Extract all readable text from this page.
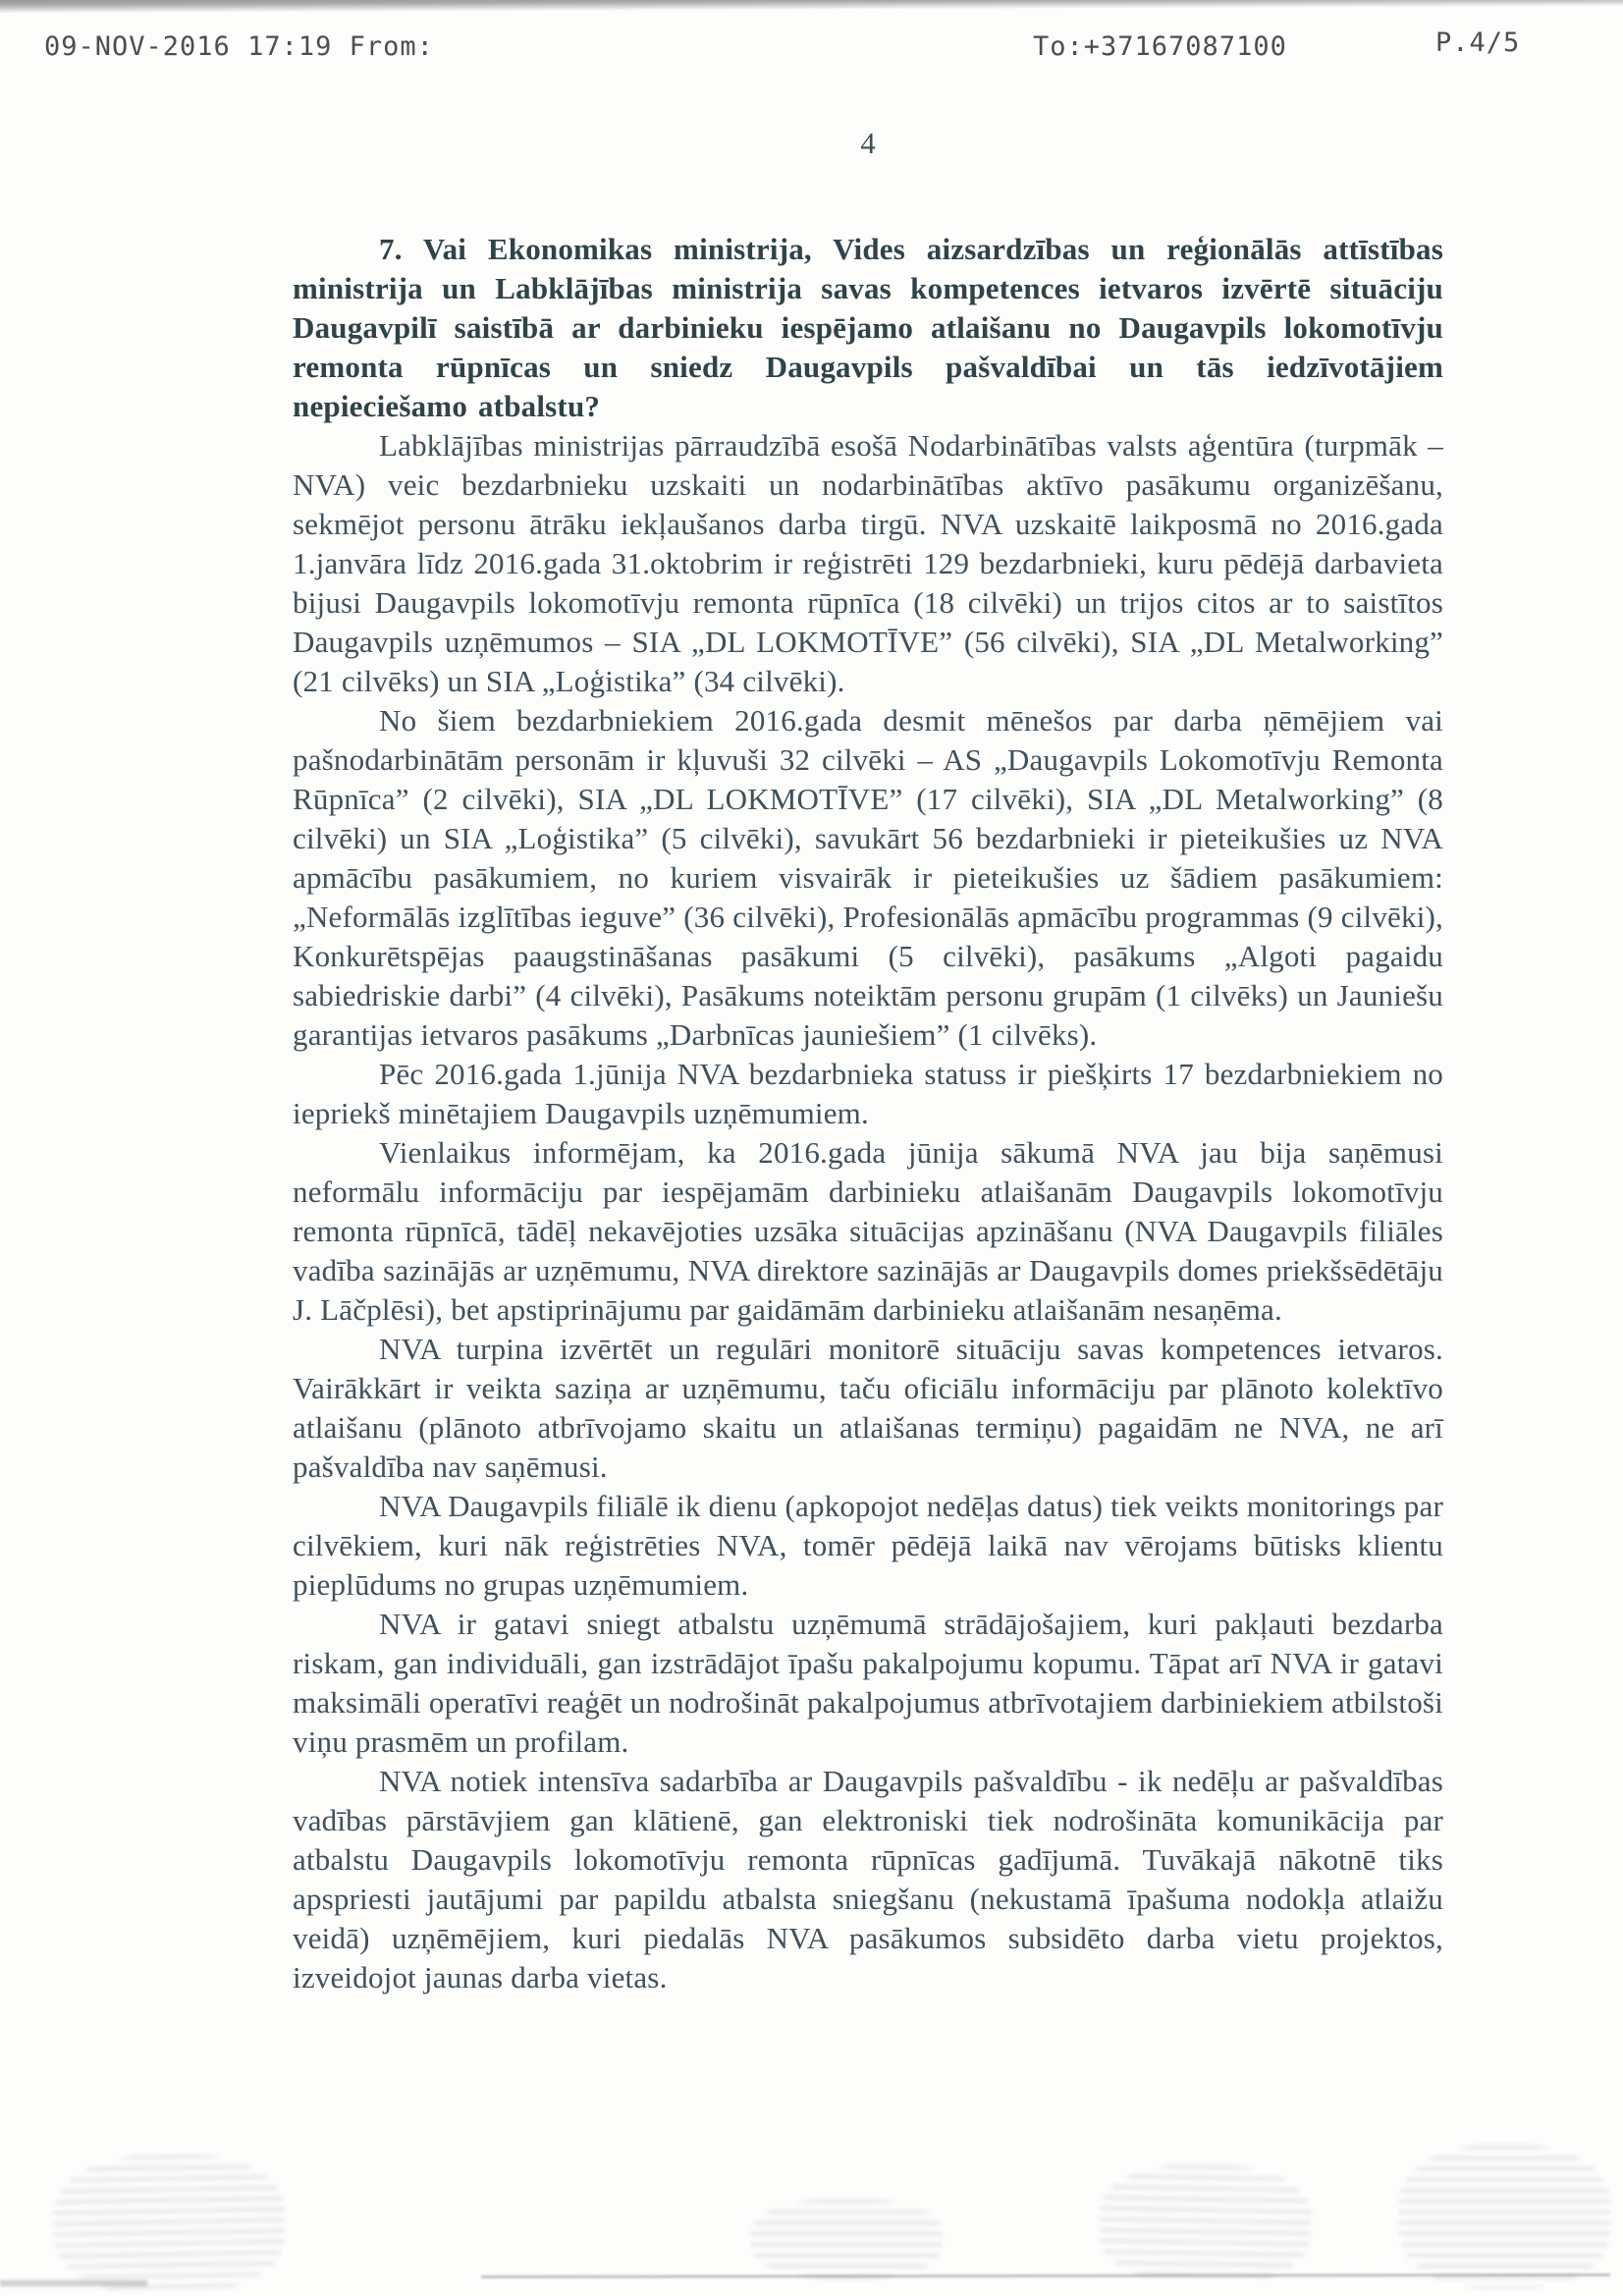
09-NOV-2016 17:19 From:	To:+37167087100	P.4/5
4

7. Vai Ekonomikas ministrija, Vides aizsardzības un reģionālās attīstības ministrija un Labklājības ministrija savas kompetences ietvaros izvērtē situāciju Daugavpilī saistībā ar darbinieku iespējamo atlaišanu no Daugavpils lokomotīvju remonta rūpnīcas un sniedz Daugavpils pašvaldībai un tās iedzīvotājiem nepieciešamo atbalstu?

Labklājības ministrijas pārraudzībā esošā Nodarbinātības valsts aģentūra (turpmāk – NVA) veic bezdarbnieku uzskaiti un nodarbinātības aktīvo pasākumu organizēšanu, sekmējot personu ātrāku iekļaušanos darba tirgū. NVA uzskaitē laikposmā no 2016.gada 1.janvāra līdz 2016.gada 31.oktobrim ir reģistrēti 129 bezdarbnieki, kuru pēdējā darbavieta bijusi Daugavpils lokomotīvju remonta rūpnīca (18 cilvēki) un trijos citos ar to saistītos Daugavpils uzņēmumos – SIA „DL LOKMOTĪVE” (56 cilvēki), SIA „DL Metalworking” (21 cilvēks) un SIA „Loģistika” (34 cilvēki).

No šiem bezdarbniekiem 2016.gada desmit mēnešos par darba ņēmējiem vai pašnodarbinātām personām ir kļuvuši 32 cilvēki – AS „Daugavpils Lokomotīvju Remonta Rūpnīca” (2 cilvēki), SIA „DL LOKMOTĪVE” (17 cilvēki), SIA „DL Metalworking” (8 cilvēki) un SIA „Loģistika” (5 cilvēki), savukārt 56 bezdarbnieki ir pieteikušies uz NVA apmācību pasākumiem, no kuriem visvairāk ir pieteikušies uz šādiem pasākumiem: „Neformālās izglītības ieguve” (36 cilvēki), Profesionālās apmācību programmas (9 cilvēki), Konkurētspējas paaugstināšanas pasākumi (5 cilvēki), pasākums „Algoti pagaidu sabiedriskie darbi” (4 cilvēki), Pasākums noteiktām personu grupām (1 cilvēks) un Jauniešu garantijas ietvaros pasākums „Darbnīcas jauniešiem” (1 cilvēks).

Pēc 2016.gada 1.jūnija NVA bezdarbnieka statuss ir piešķirts 17 bezdarbniekiem no iepriekš minētajiem Daugavpils uzņēmumiem.

Vienlaikus informējam, ka 2016.gada jūnija sākumā NVA jau bija saņēmusi neformālu informāciju par iespējamām darbinieku atlaišanām Daugavpils lokomotīvju remonta rūpnīcā, tādēļ nekavējoties uzsāka situācijas apzināšanu (NVA Daugavpils filiāles vadība sazinājās ar uzņēmumu, NVA direktore sazinājās ar Daugavpils domes priekšsēdētāju J. Lāčplēsi), bet apstiprinājumu par gaidāmām darbinieku atlaišanām nesaņēma.

NVA turpina izvērtēt un regulāri monitorē situāciju savas kompetences ietvaros. Vairākkārt ir veikta saziņa ar uzņēmumu, taču oficiālu informāciju par plānoto kolektīvo atlaišanu (plānoto atbrīvojamo skaitu un atlaišanas termiņu) pagaidām ne NVA, ne arī pašvaldība nav saņēmusi.

NVA Daugavpils filiālē ik dienu (apkopojot nedēļas datus) tiek veikts monitorings par cilvēkiem, kuri nāk reģistrēties NVA, tomēr pēdējā laikā nav vērojams būtisks klientu pieplūdums no grupas uzņēmumiem.

NVA ir gatavi sniegt atbalstu uzņēmumā strādājošajiem, kuri pakļauti bezdarba riskam, gan individuāli, gan izstrādājot īpašu pakalpojumu kopumu. Tāpat arī NVA ir gatavi maksimāli operatīvi reaģēt un nodrošināt pakalpojumus atbrīvotajiem darbiniekiem atbilstoši viņu prasmēm un profilam.

NVA notiek intensīva sadarbība ar Daugavpils pašvaldību - ik nedēļu ar pašvaldības vadības pārstāvjiem gan klātienē, gan elektroniski tiek nodrošināta komunikācija par atbalstu Daugavpils lokomotīvju remonta rūpnīcas gadījumā. Tuvākajā nākotnē tiks apspriesti jautājumi par papildu atbalsta sniegšanu (nekustamā īpašuma nodokļa atlaižu veidā) uzņēmējiem, kuri piedalās NVA pasākumos subsidēto darba vietu projektos, izveidojot jaunas darba vietas.
